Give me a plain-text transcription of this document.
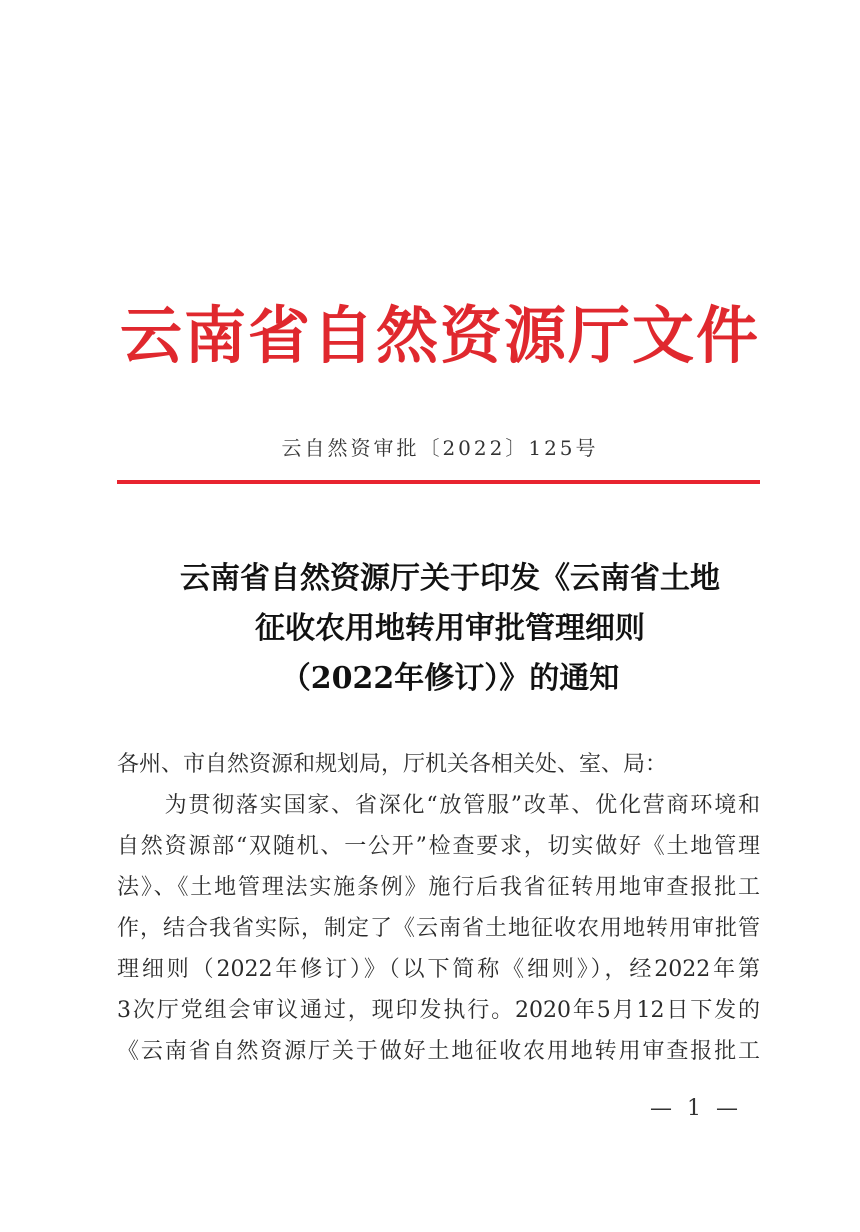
云南省自然资源厅文件
云自然资审批〔2022〕125号
云南省自然资源厅关于印发《云南省土地
征收农用地转用审批管理细则
（2022年修订）》的通知
各州、市自然资源和规划局，厅机关各相关处、室、局：
　　为贯彻落实国家、省深化“放管服”改革、优化营商环境和
自然资源部“双随机、一公开”检查要求，切实做好《土地管理
法》、《土地管理法实施条例》施行后我省征转用地审查报批工
作，结合我省实际，制定了《云南省土地征收农用地转用审批管
理细则（2022年修订）》（以下简称《细则》），经2022年第
3次厅党组会审议通过，现印发执行。2020年5月12日下发的
《云南省自然资源厅关于做好土地征收农用地转用审查报批工
— 1 —
